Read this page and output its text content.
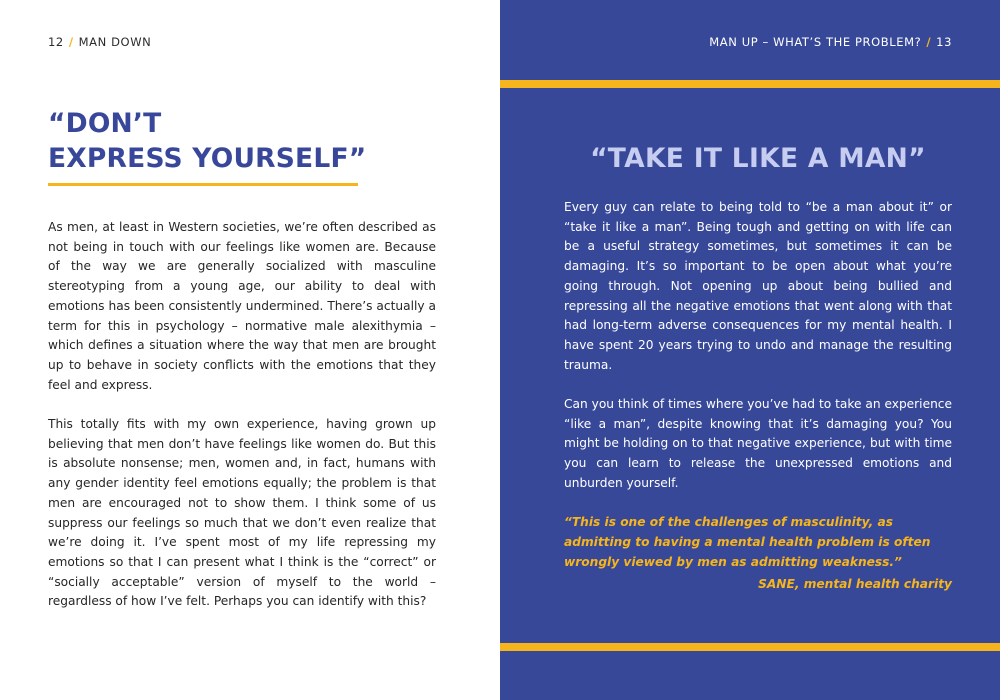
12 / MAN DOWN
“DON’T
EXPRESS YOURSELF”

As men, at least in Western societies, we’re often described as not being in touch with our feelings like women are. Because of the way we are generally socialized with masculine stereotyping from a young age, our ability to deal with emotions has been consistently undermined. There’s actually a term for this in psychology – normative male alexithymia – which defines a situation where the way that men are brought up to behave in society conflicts with the emotions that they feel and express.

This totally fits with my own experience, having grown up believing that men don’t have feelings like women do. But this is absolute nonsense; men, women and, in fact, humans with any gender identity feel emotions equally; the problem is that men are encouraged not to show them. I think some of us suppress our feelings so much that we don’t even realize that we’re doing it. I’ve spent most of my life repressing my emotions so that I can present what I think is the “correct” or “socially acceptable” version of myself to the world – regardless of how I’ve felt. Perhaps you can identify with this?

MAN UP – WHAT’S THE PROBLEM? / 13
“TAKE IT LIKE A MAN”

Every guy can relate to being told to “be a man about it” or “take it like a man”. Being tough and getting on with life can be a useful strategy sometimes, but sometimes it can be damaging. It’s so important to be open about what you’re going through. Not opening up about being bullied and repressing all the negative emotions that went along with that had long-term adverse consequences for my mental health. I have spent 20 years trying to undo and manage the resulting trauma.

Can you think of times where you’ve had to take an experience “like a man”, despite knowing that it’s damaging you? You might be holding on to that negative experience, but with time you can learn to release the unexpressed emotions and unburden yourself.

“This is one of the challenges of masculinity, as admitting to having a mental health problem is often wrongly viewed by men as admitting weakness.”

SANE, mental health charity
